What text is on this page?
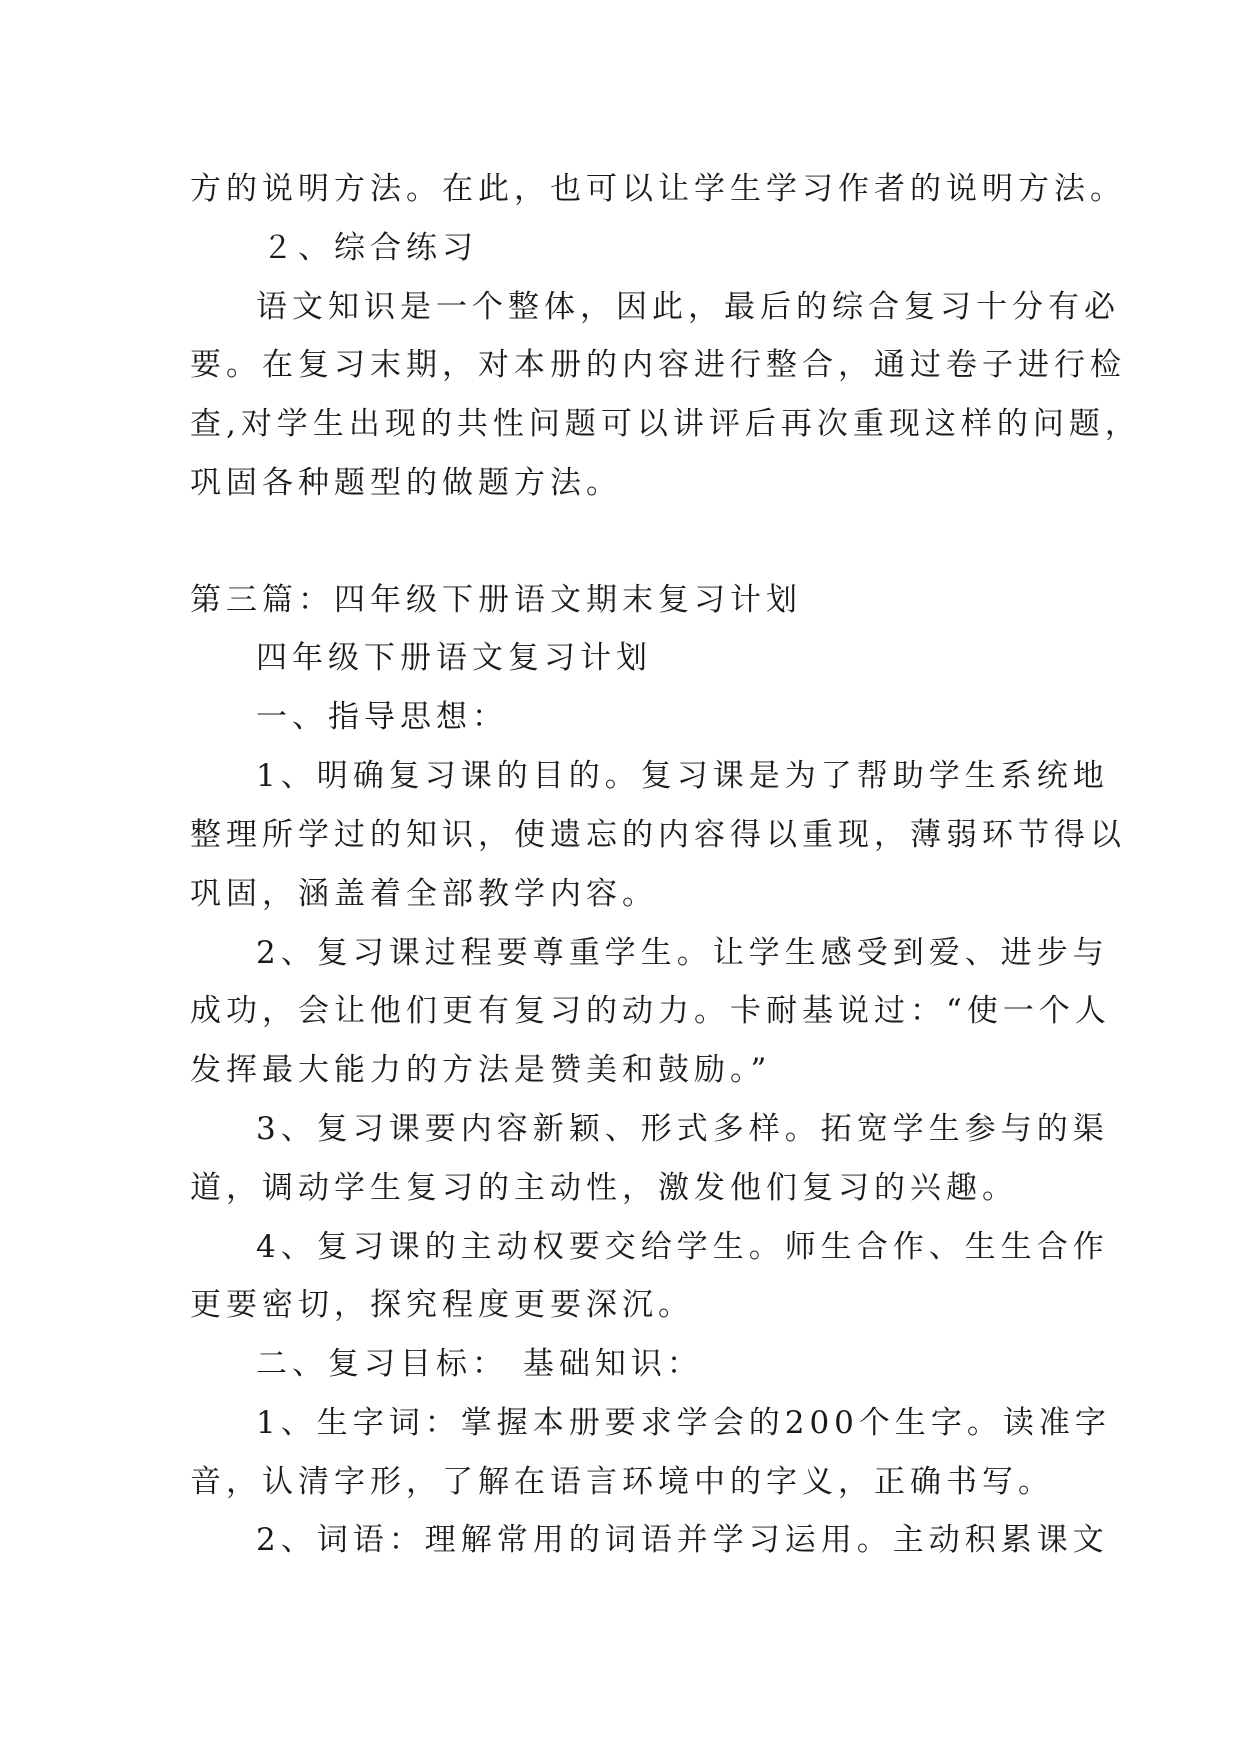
方的说明方法。在此，也可以让学生学习作者的说明方法。

２、综合练习

语文知识是一个整体，因此，最后的综合复习十分有必

要。在复习末期，对本册的内容进行整合，通过卷子进行检

查,对学生出现的共性问题可以讲评后再次重现这样的问题，

巩固各种题型的做题方法。

第三篇：四年级下册语文期末复习计划

四年级下册语文复习计划

一、指导思想：

1、明确复习课的目的。复习课是为了帮助学生系统地

整理所学过的知识，使遗忘的内容得以重现，薄弱环节得以

巩固，涵盖着全部教学内容。

2、复习课过程要尊重学生。让学生感受到爱、进步与

成功，会让他们更有复习的动力。卡耐基说过：“使一个人

发挥最大能力的方法是赞美和鼓励。”

3、复习课要内容新颖、形式多样。拓宽学生参与的渠

道，调动学生复习的主动性，激发他们复习的兴趣。

4、复习课的主动权要交给学生。师生合作、生生合作

更要密切，探究程度更要深沉。

二、复习目标： 基础知识：

1、生字词：掌握本册要求学会的200个生字。读准字

音，认清字形，了解在语言环境中的字义，正确书写。

2、词语：理解常用的词语并学习运用。主动积累课文
